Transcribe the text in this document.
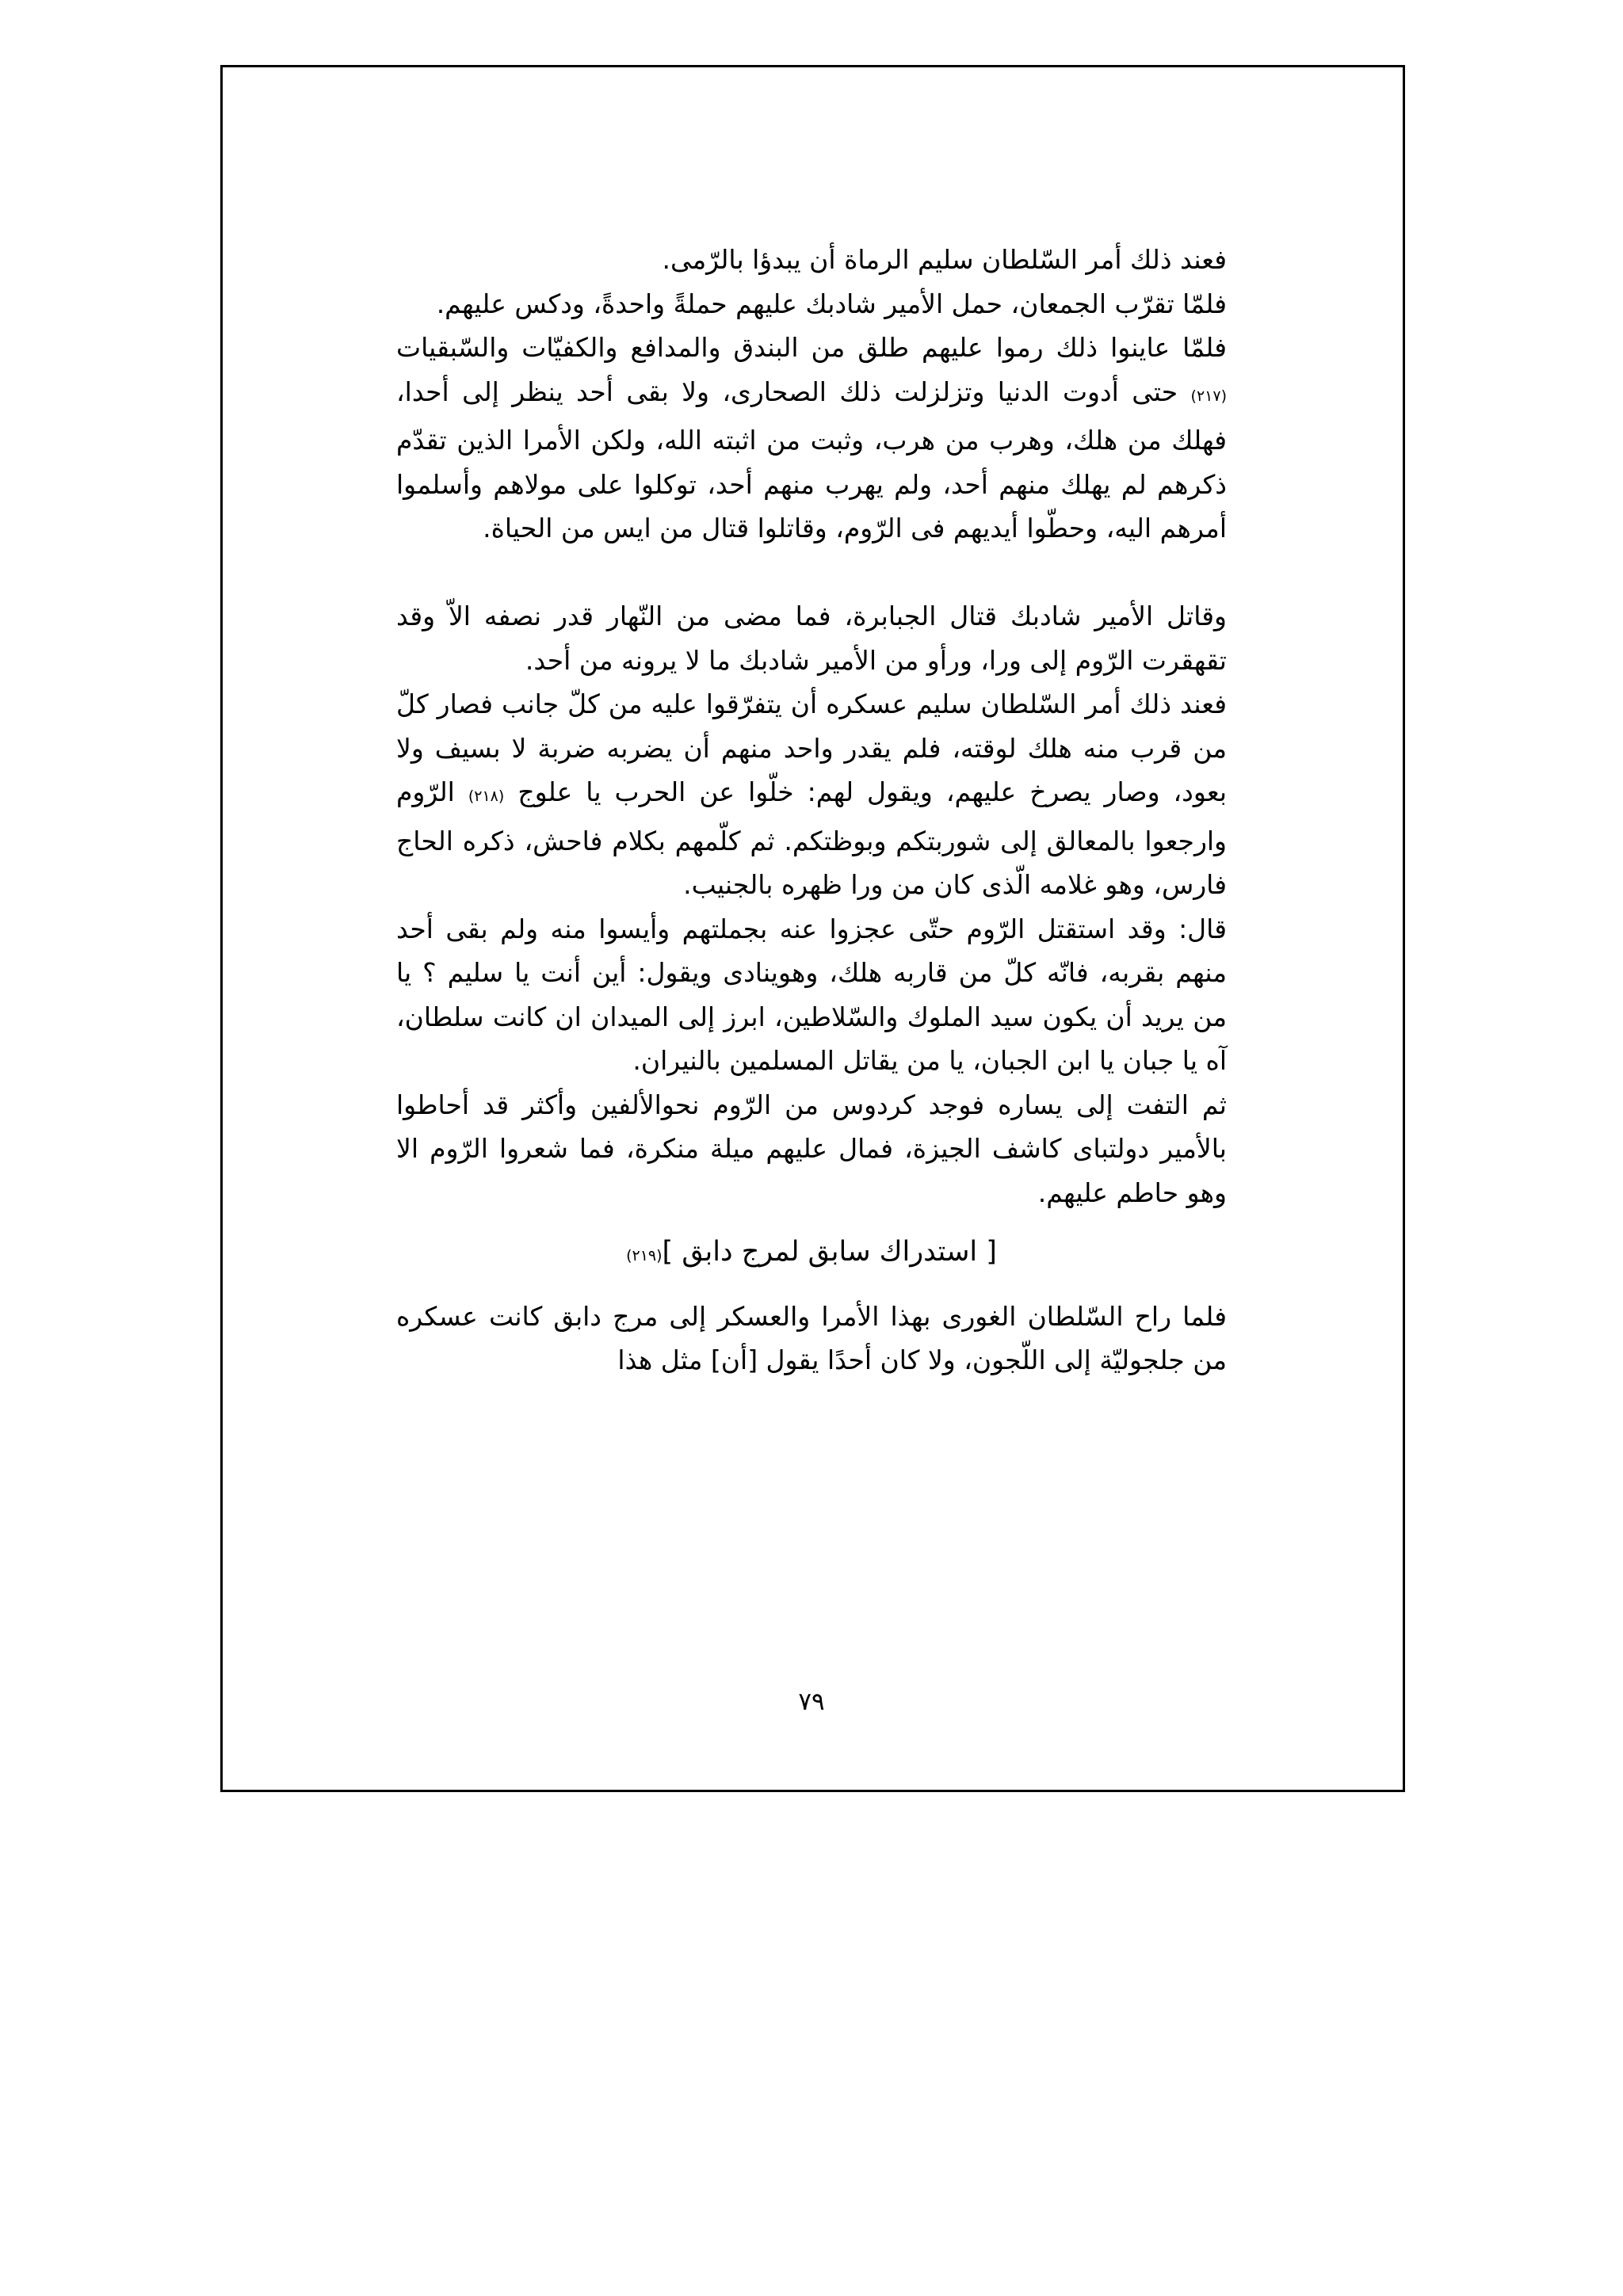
فعند ذلك أمر السّلطان سليم الرماة أن يبدؤا بالرّمى.

فلمّا تقرّب الجمعان، حمل الأمير شادبك عليهم حملةً واحدةً، ودكس عليهم.

فلمّا عاينوا ذلك رموا عليهم طلق من البندق والمدافع والكفيّات والسّبقيات (٢١٧) حتى أدوت الدنيا وتزلزلت ذلك الصحارى، ولا بقى أحد ينظر إلى أحدا، فهلك من هلك، وهرب من هرب، وثبت من اثبته الله، ولكن الأمرا الذين تقدّم ذكرهم لم يهلك منهم أحد، ولم يهرب منهم أحد، توكلوا على مولاهم وأسلموا أمرهم اليه، وحطّوا أيديهم فى الرّوم، وقاتلوا قتال من ايس من الحياة.

وقاتل الأمير شادبك قتال الجبابرة، فما مضى من النّهار قدر نصفه الاّ وقد تقهقرت الرّوم إلى ورا، ورأو من الأمير شادبك ما لا يرونه من أحد.

فعند ذلك أمر السّلطان سليم عسكره أن يتفرّقوا عليه من كلّ جانب فصار كلّ من قرب منه هلك لوقته، فلم يقدر واحد منهم أن يضربه ضربة لا بسيف ولا بعود، وصار يصرخ عليهم، ويقول لهم: خلّوا عن الحرب يا علوج (٢١٨) الرّوم وارجعوا بالمعالق إلى شوربتكم وبوظتكم. ثم كلّمهم بكلام فاحش، ذكره الحاج فارس، وهو غلامه الّذى كان من ورا ظهره بالجنيب.

قال: وقد استقتل الرّوم حتّى عجزوا عنه بجملتهم وأيسوا منه ولم بقى أحد منهم بقربه، فانّه كلّ من قاربه هلك، وهوينادى ويقول: أين أنت يا سليم ؟ يا من يريد أن يكون سيد الملوك والسّلاطين، ابرز إلى الميدان ان كانت سلطان، آه يا جبان يا ابن الجبان، يا من يقاتل المسلمين بالنيران.

ثم التفت إلى يساره فوجد كردوس من الرّوم نحوالألفين وأكثر قد أحاطوا بالأمير دولتباى كاشف الجيزة، فمال عليهم ميلة منكرة، فما شعروا الرّوم الا وهو حاطم عليهم.

[ استدراك سابق لمرج دابق ](٢١٩)

فلما راح السّلطان الغورى بهذا الأمرا والعسكر إلى مرج دابق كانت عسكره من جلجوليّة إلى اللّجون، ولا كان أحدًا يقول [أن] مثل هذا

٧٩
